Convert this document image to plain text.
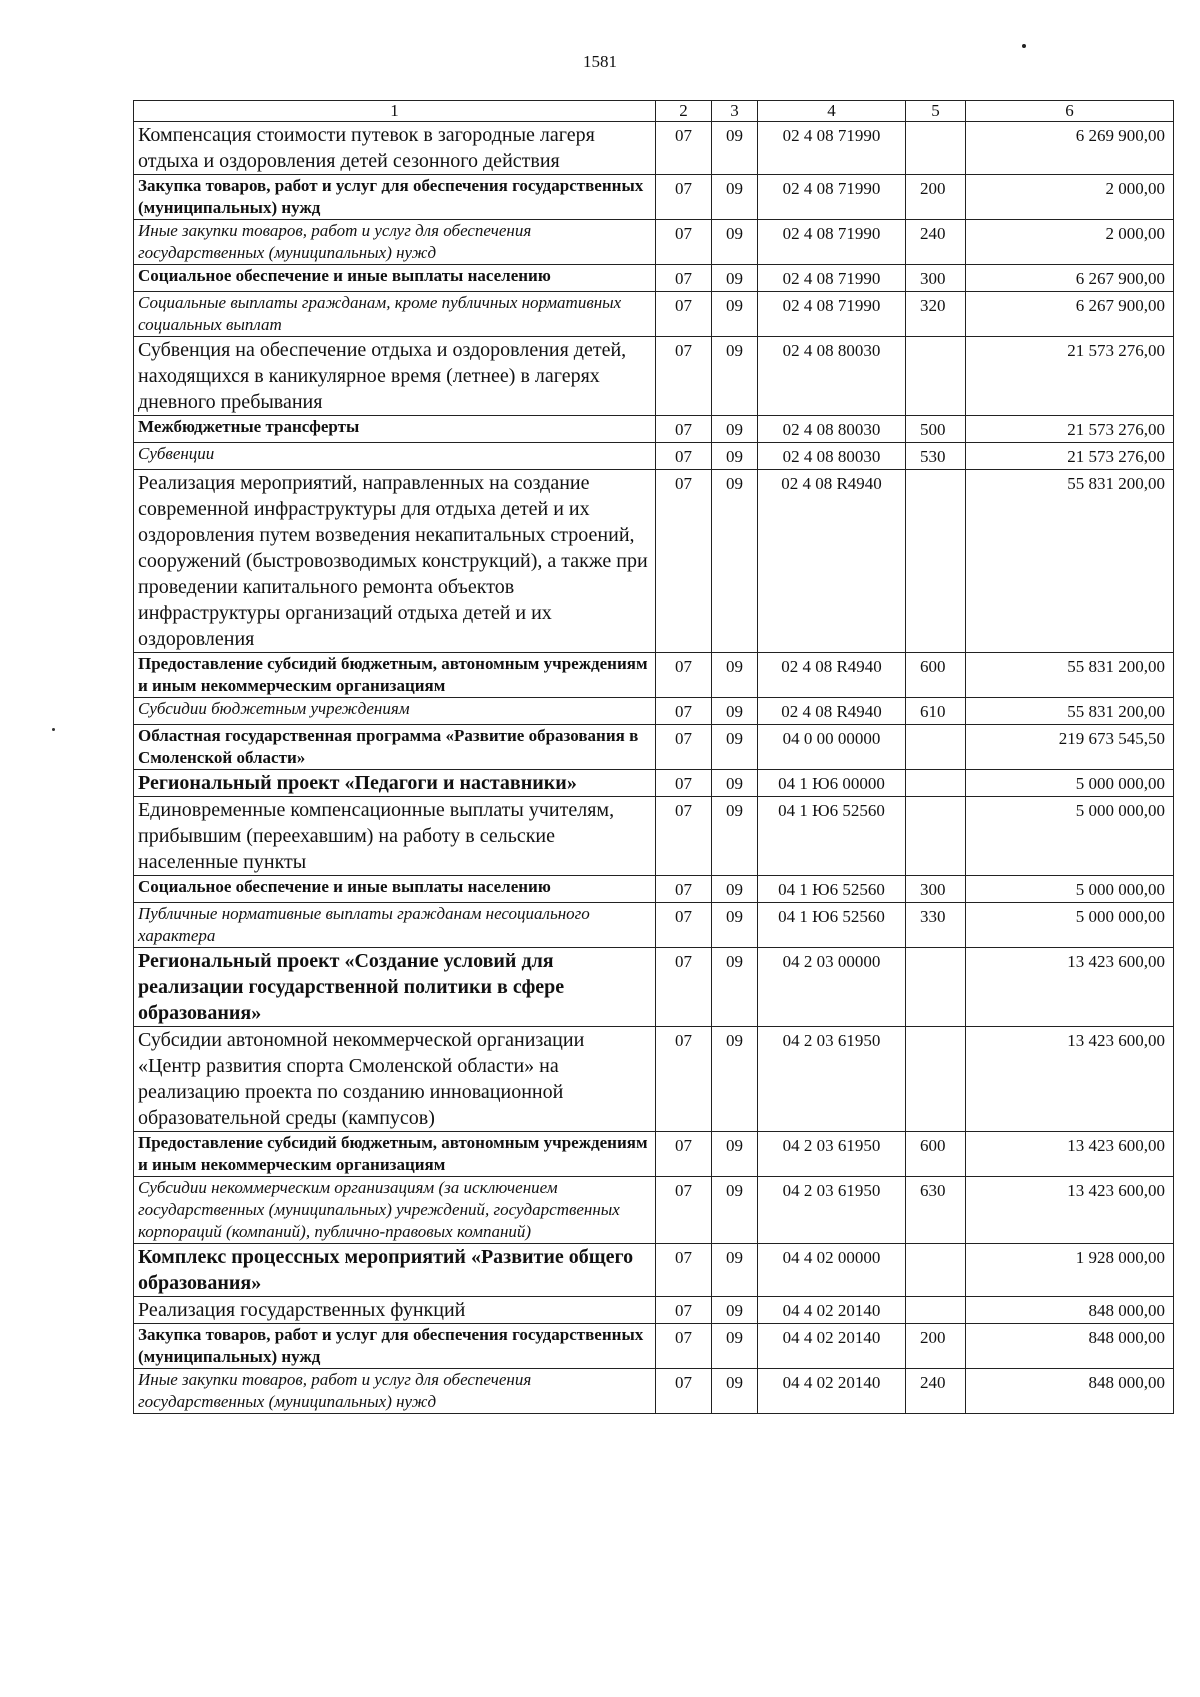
1581
1	2	3	4	5	6
Компенсация стоимости путевок в загородные лагеря отдыха и оздоровления детей сезонного действия	07	09	02 4 08 71990		6 269 900,00
Закупка товаров, работ и услуг для обеспечения государственных (муниципальных) нужд	07	09	02 4 08 71990	200	2 000,00
Иные закупки товаров, работ и услуг для обеспечения государственных (муниципальных) нужд	07	09	02 4 08 71990	240	2 000,00
Социальное обеспечение и иные выплаты населению	07	09	02 4 08 71990	300	6 267 900,00
Социальные выплаты гражданам, кроме публичных нормативных социальных выплат	07	09	02 4 08 71990	320	6 267 900,00
Субвенция на обеспечение отдыха и оздоровления детей, находящихся в каникулярное время (летнее) в лагерях дневного пребывания	07	09	02 4 08 80030		21 573 276,00
Межбюджетные трансферты	07	09	02 4 08 80030	500	21 573 276,00
Субвенции	07	09	02 4 08 80030	530	21 573 276,00
Реализация мероприятий, направленных на создание современной инфраструктуры для отдыха детей и их оздоровления путем возведения некапитальных строений, сооружений (быстровозводимых конструкций), а также при проведении капитального ремонта объектов инфраструктуры организаций отдыха детей и их оздоровления	07	09	02 4 08 R4940		55 831 200,00
Предоставление субсидий бюджетным, автономным учреждениям и иным некоммерческим организациям	07	09	02 4 08 R4940	600	55 831 200,00
Субсидии бюджетным учреждениям	07	09	02 4 08 R4940	610	55 831 200,00
Областная государственная программа «Развитие образования в Смоленской области»	07	09	04 0 00 00000		219 673 545,50
Региональный проект «Педагоги и наставники»	07	09	04 1 Ю6 00000		5 000 000,00
Единовременные компенсационные выплаты учителям, прибывшим (переехавшим) на работу в сельские населенные пункты	07	09	04 1 Ю6 52560		5 000 000,00
Социальное обеспечение и иные выплаты населению	07	09	04 1 Ю6 52560	300	5 000 000,00
Публичные нормативные выплаты гражданам несоциального характера	07	09	04 1 Ю6 52560	330	5 000 000,00
Региональный проект «Создание условий для реализации государственной политики в сфере образования»	07	09	04 2 03 00000		13 423 600,00
Субсидии автономной некоммерческой организации «Центр развития спорта Смоленской области» на реализацию проекта по созданию инновационной образовательной среды (кампусов)	07	09	04 2 03 61950		13 423 600,00
Предоставление субсидий бюджетным, автономным учреждениям и иным некоммерческим организациям	07	09	04 2 03 61950	600	13 423 600,00
Субсидии некоммерческим организациям (за исключением государственных (муниципальных) учреждений, государственных корпораций (компаний), публично-правовых компаний)	07	09	04 2 03 61950	630	13 423 600,00
Комплекс процессных мероприятий «Развитие общего образования»	07	09	04 4 02 00000		1 928 000,00
Реализация государственных функций	07	09	04 4 02 20140		848 000,00
Закупка товаров, работ и услуг для обеспечения государственных (муниципальных) нужд	07	09	04 4 02 20140	200	848 000,00
Иные закупки товаров, работ и услуг для обеспечения государственных (муниципальных) нужд	07	09	04 4 02 20140	240	848 000,00
